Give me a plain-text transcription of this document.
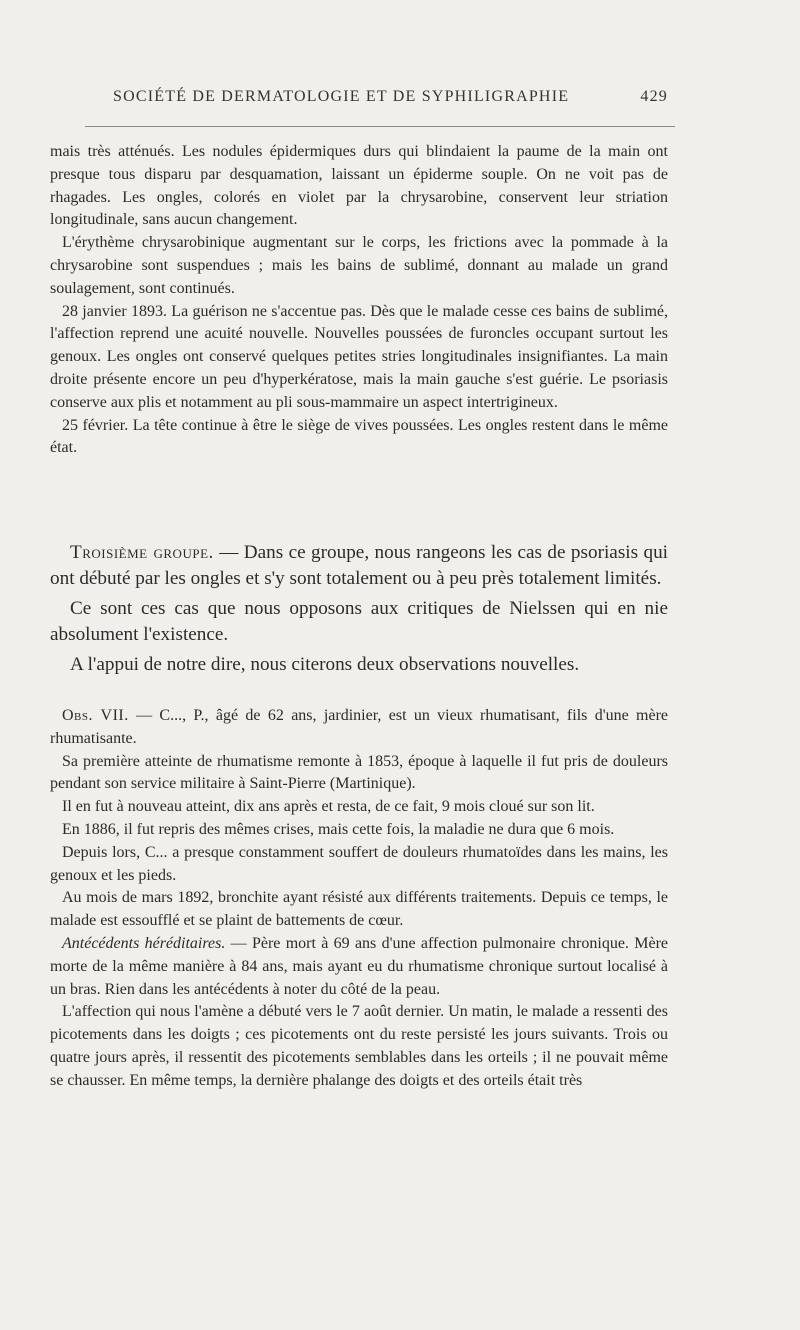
SOCIÉTÉ DE DERMATOLOGIE ET DE SYPHILIGRAPHIE	429

mais très atténués. Les nodules épidermiques durs qui blindaient la paume de la main ont presque tous disparu par desquamation, laissant un épiderme souple. On ne voit pas de rhagades. Les ongles, colorés en violet par la chrysarobine, conservent leur striation longitudinale, sans aucun changement.

L'érythème chrysarobinique augmentant sur le corps, les frictions avec la pommade à la chrysarobine sont suspendues ; mais les bains de sublimé, donnant au malade un grand soulagement, sont continués.

28 janvier 1893. La guérison ne s'accentue pas. Dès que le malade cesse ces bains de sublimé, l'affection reprend une acuité nouvelle. Nouvelles poussées de furoncles occupant surtout les genoux. Les ongles ont conservé quelques petites stries longitudinales insignifiantes. La main droite présente encore un peu d'hyperkératose, mais la main gauche s'est guérie. Le psoriasis conserve aux plis et notamment au pli sous-mammaire un aspect intertrigineux.

25 février. La tête continue à être le siège de vives poussées. Les ongles restent dans le même état.

Troisième groupe. — Dans ce groupe, nous rangeons les cas de psoriasis qui ont débuté par les ongles et s'y sont totalement ou à peu près totalement limités.

Ce sont ces cas que nous opposons aux critiques de Nielssen qui en nie absolument l'existence.

A l'appui de notre dire, nous citerons deux observations nouvelles.

Obs. VII. — C..., P., âgé de 62 ans, jardinier, est un vieux rhumatisant, fils d'une mère rhumatisante.

Sa première atteinte de rhumatisme remonte à 1853, époque à laquelle il fut pris de douleurs pendant son service militaire à Saint-Pierre (Martinique).

Il en fut à nouveau atteint, dix ans après et resta, de ce fait, 9 mois cloué sur son lit.

En 1886, il fut repris des mêmes crises, mais cette fois, la maladie ne dura que 6 mois.

Depuis lors, C... a presque constamment souffert de douleurs rhumatoïdes dans les mains, les genoux et les pieds.

Au mois de mars 1892, bronchite ayant résisté aux différents traitements. Depuis ce temps, le malade est essoufflé et se plaint de battements de cœur.

Antécédents héréditaires. — Père mort à 69 ans d'une affection pulmonaire chronique. Mère morte de la même manière à 84 ans, mais ayant eu du rhumatisme chronique surtout localisé à un bras. Rien dans les antécédents à noter du côté de la peau.

L'affection qui nous l'amène a débuté vers le 7 août dernier. Un matin, le malade a ressenti des picotements dans les doigts ; ces picotements ont du reste persisté les jours suivants. Trois ou quatre jours après, il ressentit des picotements semblables dans les orteils ; il ne pouvait même se chausser. En même temps, la dernière phalange des doigts et des orteils était très
